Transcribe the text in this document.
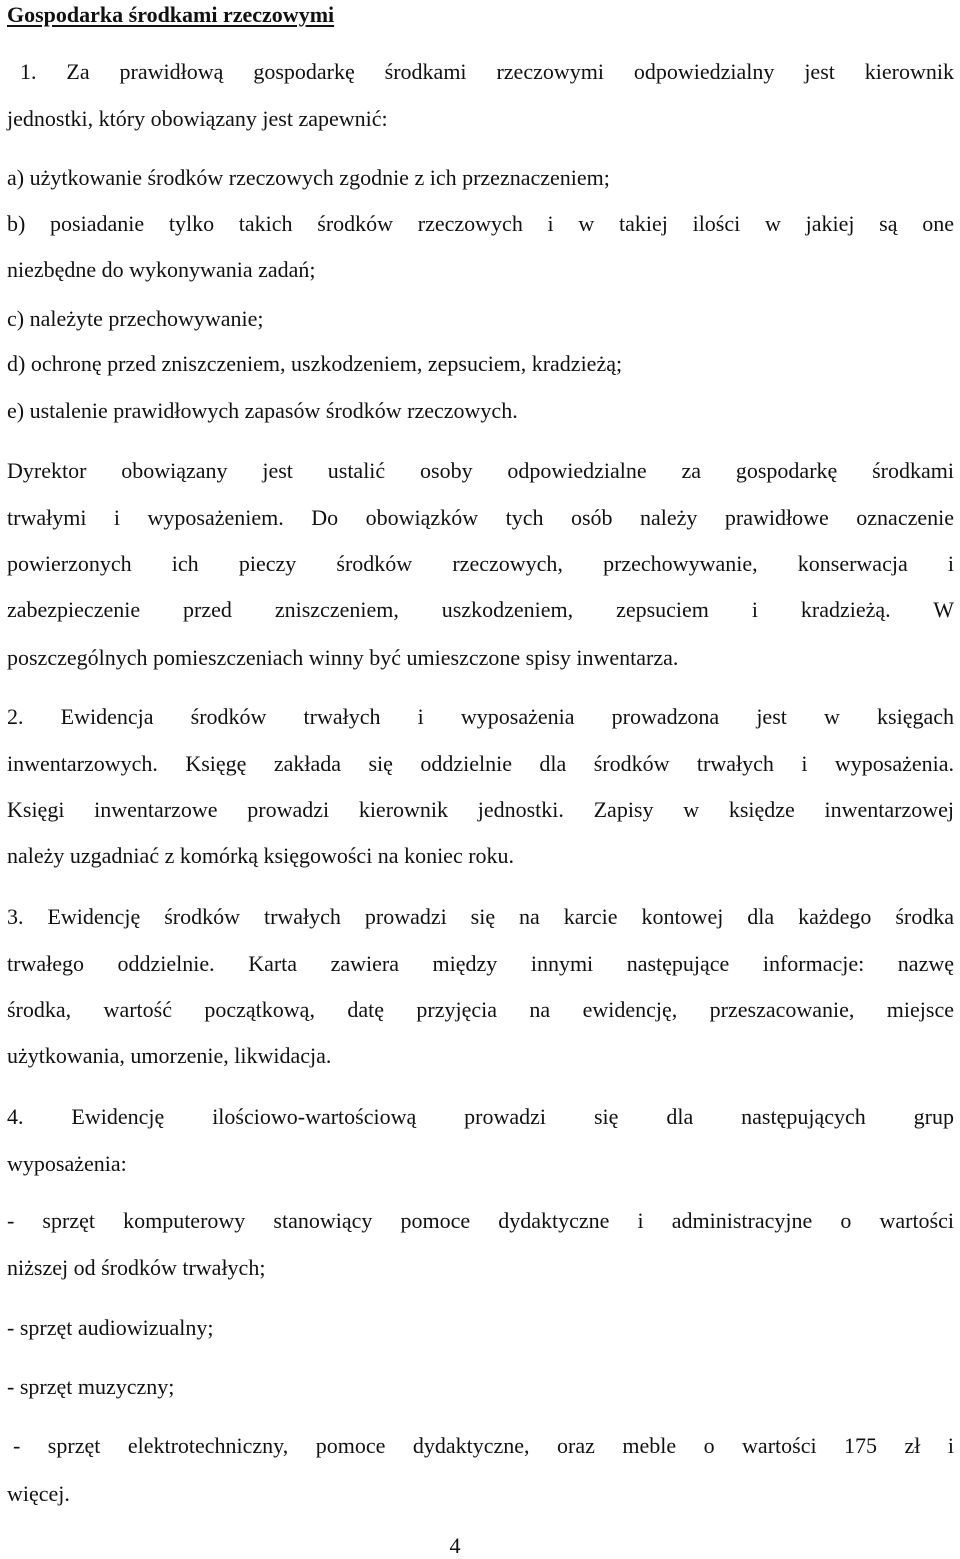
Gospodarka środkami rzeczowymi
1. Za prawidłową gospodarkę środkami rzeczowymi odpowiedzialny jest kierownik
jednostki, który obowiązany jest zapewnić:
a) użytkowanie środków rzeczowych zgodnie z ich przeznaczeniem;
b) posiadanie tylko takich środków rzeczowych i w takiej ilości w jakiej są one
niezbędne do wykonywania zadań;
c) należyte przechowywanie;
d) ochronę przed zniszczeniem, uszkodzeniem, zepsuciem, kradzieżą;
e) ustalenie prawidłowych zapasów środków rzeczowych.
Dyrektor obowiązany jest ustalić osoby odpowiedzialne za gospodarkę środkami
trwałymi i wyposażeniem. Do obowiązków tych osób należy prawidłowe oznaczenie
powierzonych ich pieczy środków rzeczowych, przechowywanie, konserwacja i
zabezpieczenie przed zniszczeniem, uszkodzeniem, zepsuciem i kradzieżą. W
poszczególnych pomieszczeniach winny być umieszczone spisy inwentarza.
2. Ewidencja środków trwałych i wyposażenia prowadzona jest w księgach
inwentarzowych. Księgę zakłada się oddzielnie dla środków trwałych i wyposażenia.
Księgi inwentarzowe prowadzi kierownik jednostki. Zapisy w księdze inwentarzowej
należy uzgadniać z komórką księgowości na koniec roku.
3. Ewidencję środków trwałych prowadzi się na karcie kontowej dla każdego środka
trwałego oddzielnie. Karta zawiera między innymi następujące informacje: nazwę
środka, wartość początkową, datę przyjęcia na ewidencję, przeszacowanie, miejsce
użytkowania, umorzenie, likwidacja.
4. Ewidencję ilościowo-wartościową prowadzi się dla następujących grup
wyposażenia:
- sprzęt komputerowy stanowiący pomoce dydaktyczne i administracyjne o wartości
niższej od środków trwałych;
- sprzęt audiowizualny;
- sprzęt muzyczny;
- sprzęt elektrotechniczny, pomoce dydaktyczne, oraz meble o wartości 175 zł i
więcej.
4
